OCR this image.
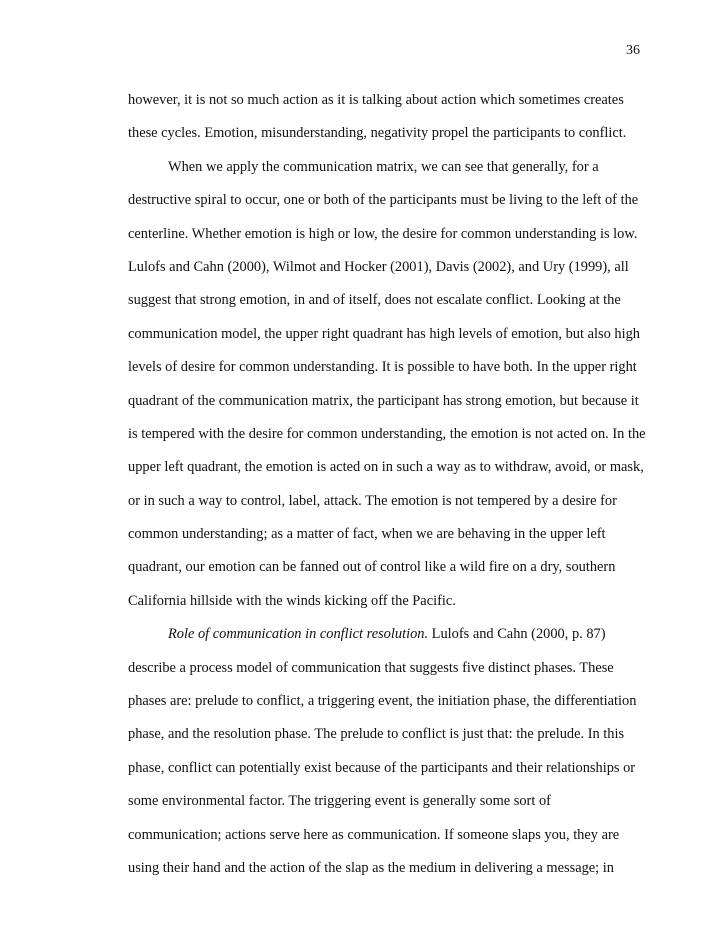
36
however, it is not so much action as it is talking about action which sometimes creates
these cycles. Emotion, misunderstanding, negativity propel the participants to conflict.
When we apply the communication matrix, we can see that generally, for a
destructive spiral to occur, one or both of the participants must be living to the left of the
centerline. Whether emotion is high or low, the desire for common understanding is low.
Lulofs and Cahn (2000), Wilmot and Hocker (2001), Davis (2002), and Ury (1999), all
suggest that strong emotion, in and of itself, does not escalate conflict. Looking at the
communication model, the upper right quadrant has high levels of emotion, but also high
levels of desire for common understanding. It is possible to have both. In the upper right
quadrant of the communication matrix, the participant has strong emotion, but because it
is tempered with the desire for common understanding, the emotion is not acted on. In the
upper left quadrant, the emotion is acted on in such a way as to withdraw, avoid, or mask,
or in such a way to control, label, attack. The emotion is not tempered by a desire for
common understanding; as a matter of fact, when we are behaving in the upper left
quadrant, our emotion can be fanned out of control like a wild fire on a dry, southern
California hillside with the winds kicking off the Pacific.
Role of communication in conflict resolution. Lulofs and Cahn (2000, p. 87)
describe a process model of communication that suggests five distinct phases. These
phases are: prelude to conflict, a triggering event, the initiation phase, the differentiation
phase, and the resolution phase. The prelude to conflict is just that: the prelude. In this
phase, conflict can potentially exist because of the participants and their relationships or
some environmental factor. The triggering event is generally some sort of
communication; actions serve here as communication. If someone slaps you, they are
using their hand and the action of the slap as the medium in delivering a message; in
